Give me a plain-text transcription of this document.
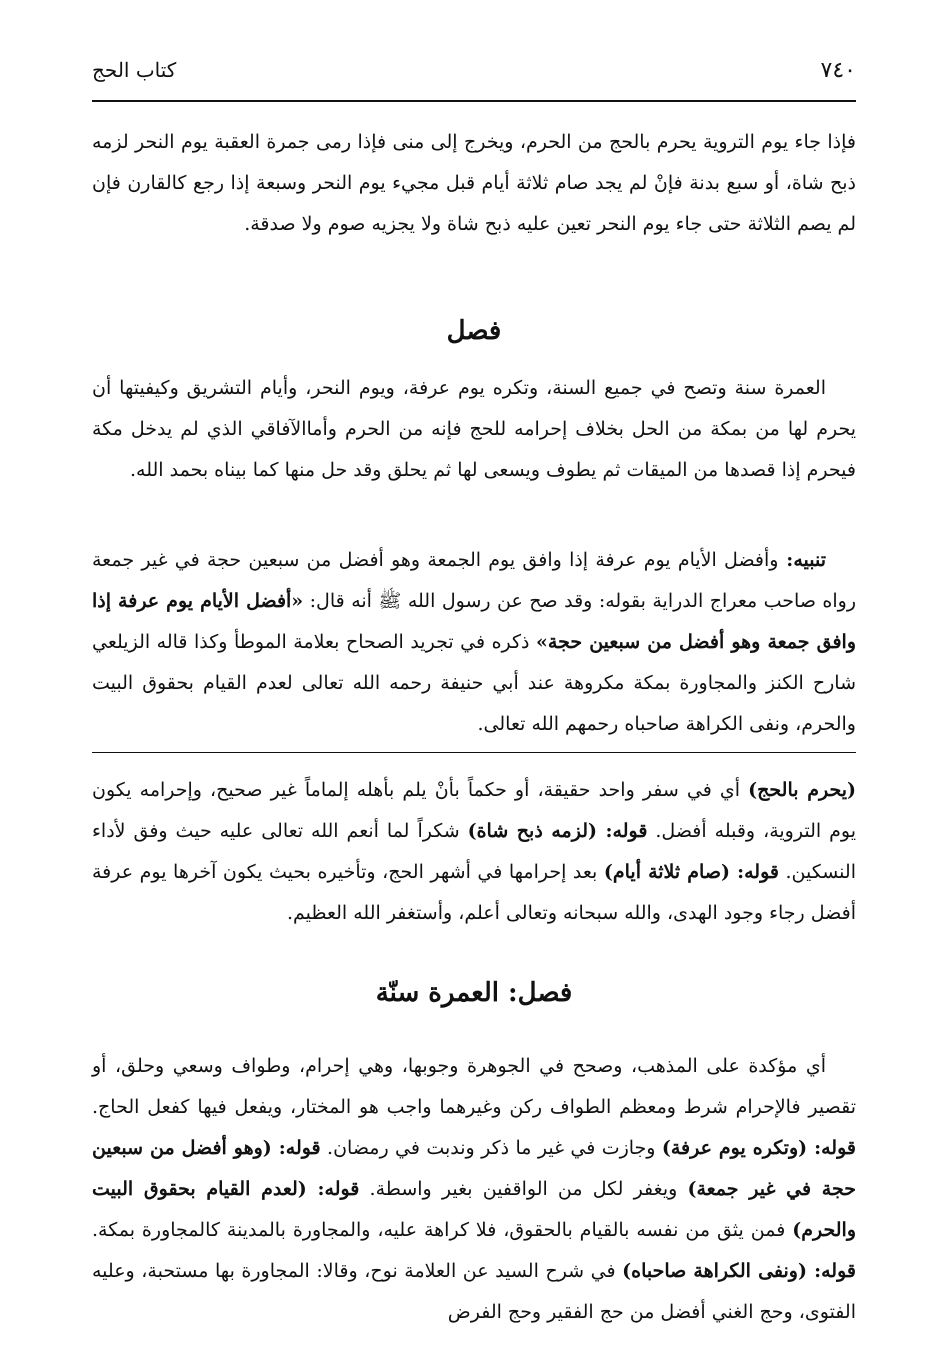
٧٤٠
كتاب الحج

فإذا جاء يوم التروية يحرم بالحج من الحرم، ويخرج إلى منى فإذا رمى جمرة العقبة يوم النحر لزمه ذبح شاة، أو سبع بدنة فإنْ لم يجد صام ثلاثة أيام قبل مجيء يوم النحر وسبعة إذا رجع كالقارن فإن لم يصم الثلاثة حتى جاء يوم النحر تعين عليه ذبح شاة ولا يجزيه صوم ولا صدقة.

فصل

العمرة سنة وتصح في جميع السنة، وتكره يوم عرفة، ويوم النحر، وأيام التشريق وكيفيتها أن يحرم لها من بمكة من الحل بخلاف إحرامه للحج فإنه من الحرم وأماالآفاقي الذي لم يدخل مكة فيحرم إذا قصدها من الميقات ثم يطوف ويسعى لها ثم يحلق وقد حل منها كما بيناه بحمد الله.

تنبيه: وأفضل الأيام يوم عرفة إذا وافق يوم الجمعة وهو أفضل من سبعين حجة في غير جمعة رواه صاحب معراج الدراية بقوله: وقد صح عن رسول الله ﷺ أنه قال: «أفضل الأيام يوم عرفة إذا وافق جمعة وهو أفضل من سبعين حجة» ذكره في تجريد الصحاح بعلامة الموطأ وكذا قاله الزيلعي شارح الكنز والمجاورة بمكة مكروهة عند أبي حنيفة رحمه الله تعالى لعدم القيام بحقوق البيت والحرم، ونفى الكراهة صاحباه رحمهم الله تعالى.

(يحرم بالحج) أي في سفر واحد حقيقة، أو حكماً بأنْ يلم بأهله إلماماً غير صحيح، وإحرامه يكون يوم التروية، وقبله أفضل. قوله: (لزمه ذبح شاة) شكراً لما أنعم الله تعالى عليه حيث وفق لأداء النسكين. قوله: (صام ثلاثة أيام) بعد إحرامها في أشهر الحج، وتأخيره بحيث يكون آخرها يوم عرفة أفضل رجاء وجود الهدى، والله سبحانه وتعالى أعلم، وأستغفر الله العظيم.

فصل: العمرة سنّة

أي مؤكدة على المذهب، وصحح في الجوهرة وجوبها، وهي إحرام، وطواف وسعي وحلق، أو تقصير فالإحرام شرط ومعظم الطواف ركن وغيرهما واجب هو المختار، ويفعل فيها كفعل الحاج. قوله: (وتكره يوم عرفة) وجازت في غير ما ذكر وندبت في رمضان. قوله: (وهو أفضل من سبعين حجة في غير جمعة) ويغفر لكل من الواقفين بغير واسطة. قوله: (لعدم القيام بحقوق البيت والحرم) فمن يثق من نفسه بالقيام بالحقوق، فلا كراهة عليه، والمجاورة بالمدينة كالمجاورة بمكة. قوله: (ونفى الكراهة صاحباه) في شرح السيد عن العلامة نوح، وقالا: المجاورة بها مستحبة، وعليه الفتوى، وحج الغني أفضل من حج الفقير وحج الفرض
